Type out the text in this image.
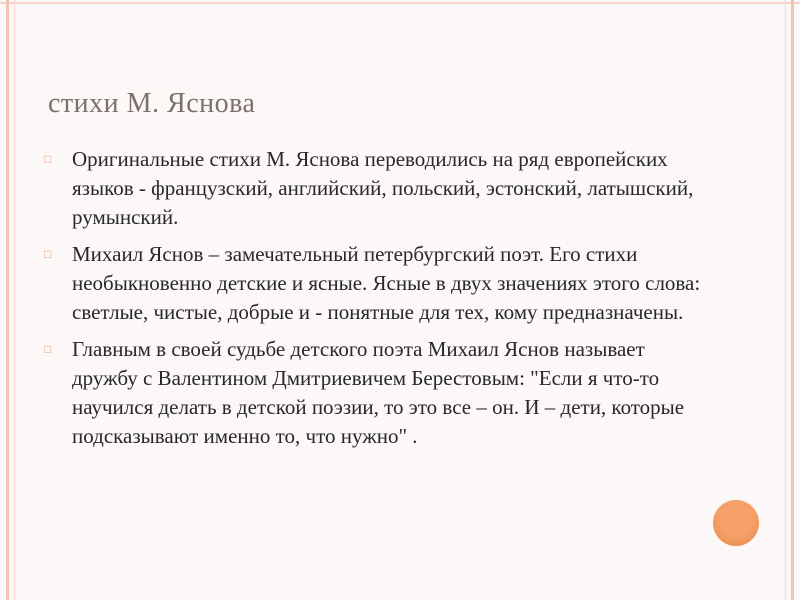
стихи М. Яснова
□ Оригинальные стихи М. Яснова переводились на ряд европейских языков - французский, английский, польский, эстонский, латышский, румынский.
□ Михаил Яснов – замечательный петербургский поэт. Его стихи необыкновенно детские и ясные. Ясные в двух значениях этого слова: светлые, чистые, добрые и - понятные для тех, кому предназначены.
□ Главным в своей судьбе детского поэта Михаил Яснов называет дружбу с Валентином Дмитриевичем Берестовым: "Если я что-то научился делать в детской поэзии, то это все – он. И – дети, которые подсказывают именно то, что нужно" .
